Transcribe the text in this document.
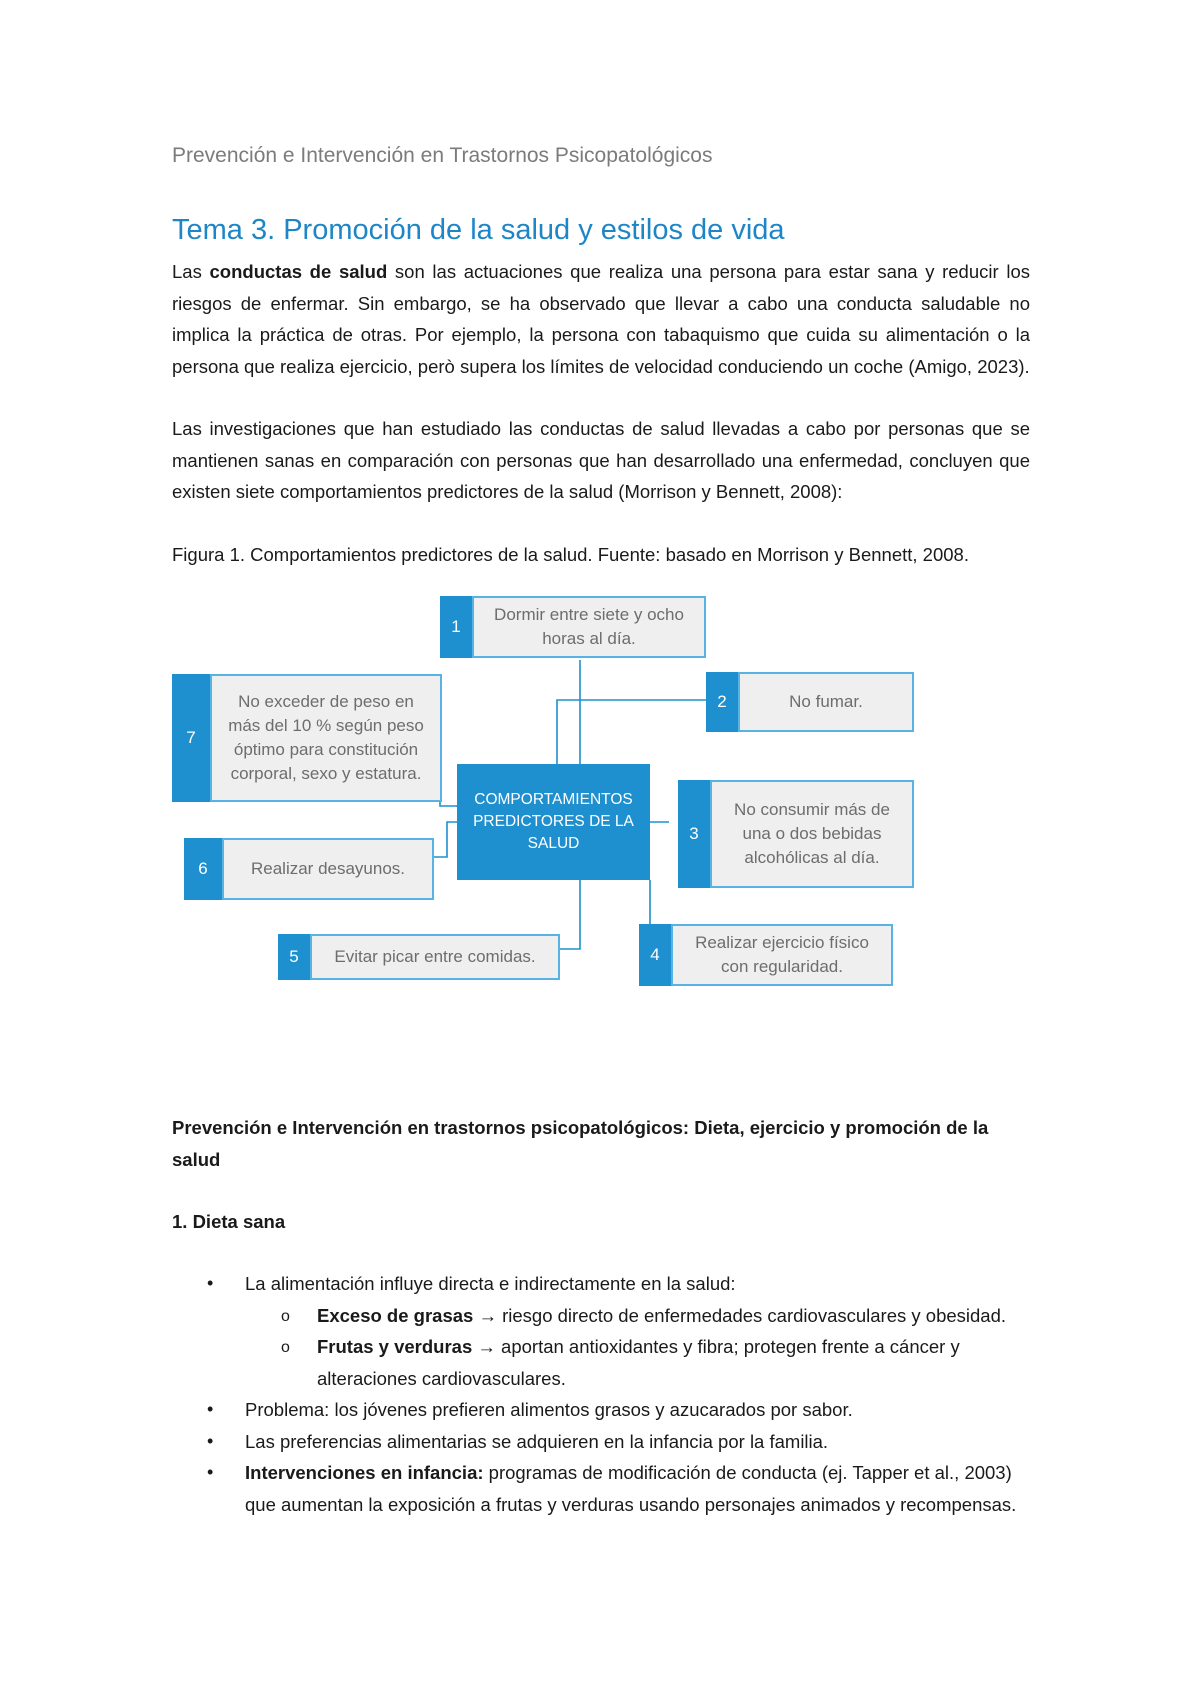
Prevención e Intervención en Trastornos Psicopatológicos
Tema 3. Promoción de la salud y estilos de vida

Las conductas de salud son las actuaciones que realiza una persona para estar sana y reducir los riesgos de enfermar. Sin embargo, se ha observado que llevar a cabo una conducta saludable no implica la práctica de otras. Por ejemplo, la persona con tabaquismo que cuida su alimentación o la persona que realiza ejercicio, però supera los límites de velocidad conduciendo un coche (Amigo, 2023).

Las investigaciones que han estudiado las conductas de salud llevadas a cabo por personas que se mantienen sanas en comparación con personas que han desarrollado una enfermedad, concluyen que existen siete comportamientos predictores de la salud (Morrison y Bennett, 2008):

Figura 1. Comportamientos predictores de la salud. Fuente: basado en Morrison y Bennett, 2008.

COMPORTAMIENTOS PREDICTORES DE LA SALUD
1
Dormir entre siete y ocho horas al día.
2	No fumar.
3
No consumir más de una o dos bebidas alcohólicas al día.
4
Realizar ejercicio físico con regularidad.
5	Evitar picar entre comidas.
6	Realizar desayunos.
7
No exceder de peso en más del 10 % según peso óptimo para constitución corporal, sexo y estatura.
Prevención e Intervención en trastornos psicopatológicos: Dieta, ejercicio y promoción de la salud
1. Dieta sana
• La alimentación influye directa e indirectamente en la salud:
o Exceso de grasas → riesgo directo de enfermedades cardiovasculares y obesidad.
o Frutas y verduras → aportan antioxidantes y fibra; protegen frente a cáncer y alteraciones cardiovasculares.
• Problema: los jóvenes prefieren alimentos grasos y azucarados por sabor.
• Las preferencias alimentarias se adquieren en la infancia por la familia.
• Intervenciones en infancia: programas de modificación de conducta (ej. Tapper et al., 2003) que aumentan la exposición a frutas y verduras usando personajes animados y recompensas.
